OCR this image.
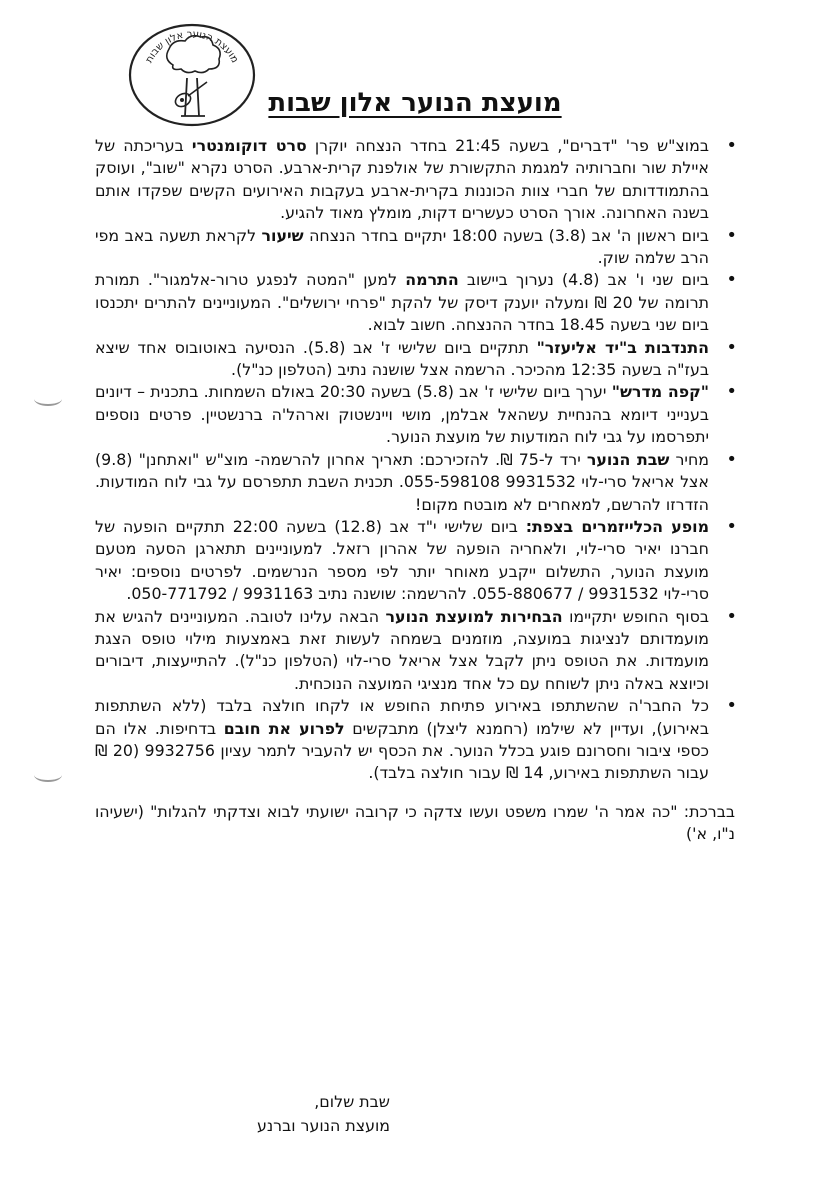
מועצת הנוער אלון שבות
מועצת הנוער אלון שבות
• במוצ"ש פר' "דברים", בשעה 21:45 בחדר הנצחה יוקרן סרט דוקומנטרי בעריכתה של איילת שור וחברותיה למגמת התקשורת של אולפנת קרית-ארבע. הסרט נקרא "שוב", ועוסק בהתמודדותם של חברי צוות הכוננות בקרית-ארבע בעקבות האירועים הקשים שפקדו אותם בשנה האחרונה. אורך הסרט כעשרים דקות, מומלץ מאוד להגיע.
• ביום ראשון ה' אב (3.8) בשעה 18:00 יתקיים בחדר הנצחה שיעור לקראת תשעה באב מפי הרב שלמה שוק.
• ביום שני ו' אב (4.8) נערוך ביישוב התרמה למען "המטה לנפגע טרור-אלמגור". תמורת תרומה של 20 ₪ ומעלה יוענק דיסק של להקת "פרחי ירושלים". המעוניינים להתרים יתכנסו ביום שני בשעה 18.45 בחדר ההנצחה. חשוב לבוא.
• התנדבות ב"יד אליעזר" תתקיים ביום שלישי ז' אב (5.8). הנסיעה באוטובוס אחד שיצא בעז"ה בשעה 12:35 מהכיכר. הרשמה אצל שושנה נתיב (הטלפון כנ"ל).
• "קפה מדרש" יערך ביום שלישי ז' אב (5.8) בשעה 20:30 באולם השמחות. בתכנית – דיונים בענייני דיומא בהנחיית עשהאל אבלמן, מושי ויינשטוק וארהל'ה ברנשטיין. פרטים נוספים יתפרסמו על גבי לוח המודעות של מועצת הנוער.
• מחיר שבת הנוער ירד ל-75 ₪. להזכירכם: תאריך אחרון להרשמה- מוצ"ש "ואתחנן" (9.8) אצל אריאל סרי-לוי 9931532 055-598108. תכנית השבת תתפרסם על גבי לוח המודעות. הזדרזו להרשם, למאחרים לא מובטח מקום!
• מופע הכלייזמרים בצפת: ביום שלישי י"ד אב (12.8) בשעה 22:00 תתקיים הופעה של חברנו יאיר סרי-לוי, ולאחריה הופעה של אהרון רזאל. למעוניינים תתארגן הסעה מטעם מועצת הנוער, התשלום ייקבע מאוחר יותר לפי מספר הנרשמים. לפרטים נוספים: יאיר סרי-לוי 9931532 / 055-880677. להרשמה: שושנה נתיב 9931163 / 050-771792.
• בסוף החופש יתקיימו הבחירות למועצת הנוער הבאה עלינו לטובה. המעוניינים להגיש את מועמדותם לנציגות במועצה, מוזמנים בשמחה לעשות זאת באמצעות מילוי טופס הצגת מועמדות. את הטופס ניתן לקבל אצל אריאל סרי-לוי (הטלפון כנ"ל). להתייעצות, דיבורים וכיוצא באלה ניתן לשוחח עם כל אחד מנציגי המועצה הנוכחית.
• כל החבר'ה שהשתתפו באירוע פתיחת החופש או לקחו חולצה בלבד (ללא השתתפות באירוע), ועדיין לא שילמו (רחמנא ליצלן) מתבקשים לפרוע את חובם בדחיפות. אלו הם כספי ציבור וחסרונם פוגע בכלל הנוער. את הכסף יש להעביר לתמר עציון 9932756 (20 ₪ עבור השתתפות באירוע, 14 ₪ עבור חולצה בלבד).
בברכת: "כה אמר ה' שמרו משפט ועשו צדקה כי קרובה ישועתי לבוא וצדקתי להגלות" (ישעיהו נ"ו, א')
שבת שלום,
מועצת הנוער וברנע
